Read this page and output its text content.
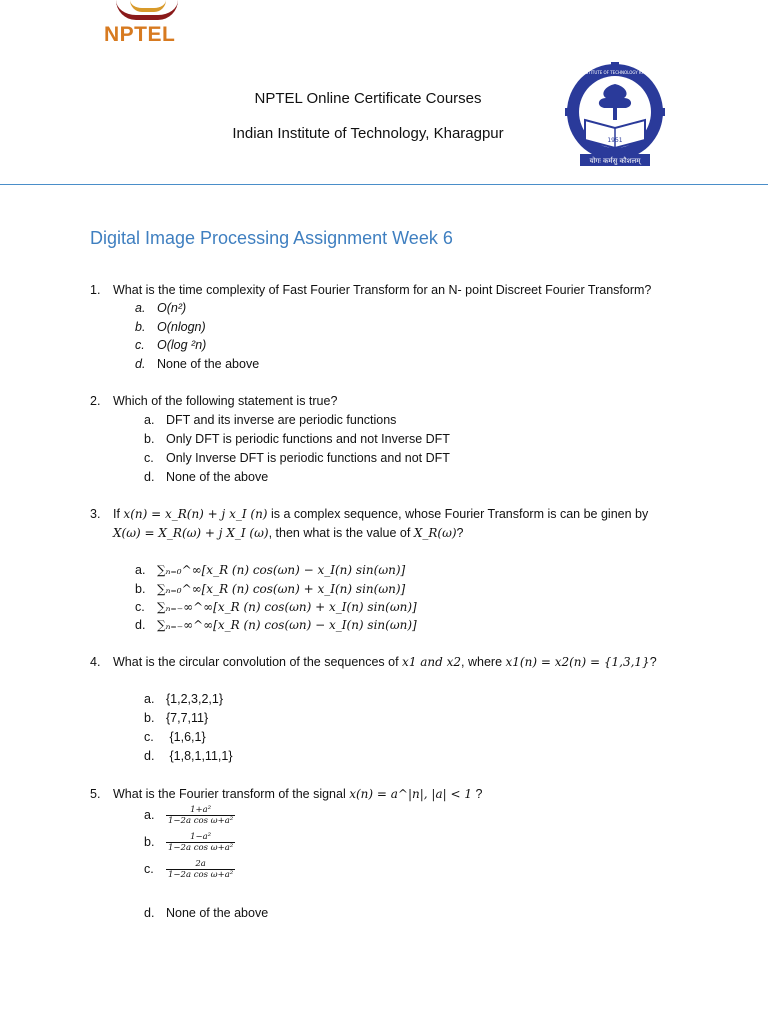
NPTEL
NPTEL Online Certificate Courses
Indian Institute of Technology, Kharagpur
योगः कर्मसु कौशलम्
1951
INDIAN INSTITUTE OF TECHNOLOGY KHARAGPUR
Digital Image Processing Assignment Week 6
1. What is the time complexity of Fast Fourier Transform for an N- point Discreet Fourier Transform?
a. O(n²)
b. O(nlogn)
c. O(log ²n)
d. None of the above
2. Which of the following statement is true?
a. DFT and its inverse are periodic functions
b. Only DFT is periodic functions and not Inverse DFT
c. Only Inverse DFT is periodic functions and not DFT
d. None of the above
3. If x(n) = x_R(n) + j x_I (n) is a complex sequence, whose Fourier Transform is can be ginen by
X(ω) = X_R(ω) + j X_I (ω), then what is the value of X_R(ω)?
a. ∑ₙ₌₀^∞[x_R (n) cos(ωn) − x_I(n) sin(ωn)]
b. ∑ₙ₌₀^∞[x_R (n) cos(ωn) + x_I(n) sin(ωn)]
c. ∑ₙ₌₋∞^∞[x_R (n) cos(ωn) + x_I(n) sin(ωn)]
d. ∑ₙ₌₋∞^∞[x_R (n) cos(ωn) − x_I(n) sin(ωn)]
4. What is the circular convolution of the sequences of x1 and x2, where x1(n) = x2(n) = {1,3,1}?
a. {1,2,3,2,1}
b. {7,7,11}
c. {1,6,1}
d. {1,8,1,11,1}
5. What is the Fourier transform of the signal x(n) = a^|n|, |a| < 1 ?
a. $\frac{\text{1+a²}}{\text{1−2a cos ω+a²}}$
b. $\frac{\text{1−a²}}{\text{1−2a cos ω+a²}}$
c. $\frac{2a}{\text{1−2a cos ω+a²}}$
d. None of the above
